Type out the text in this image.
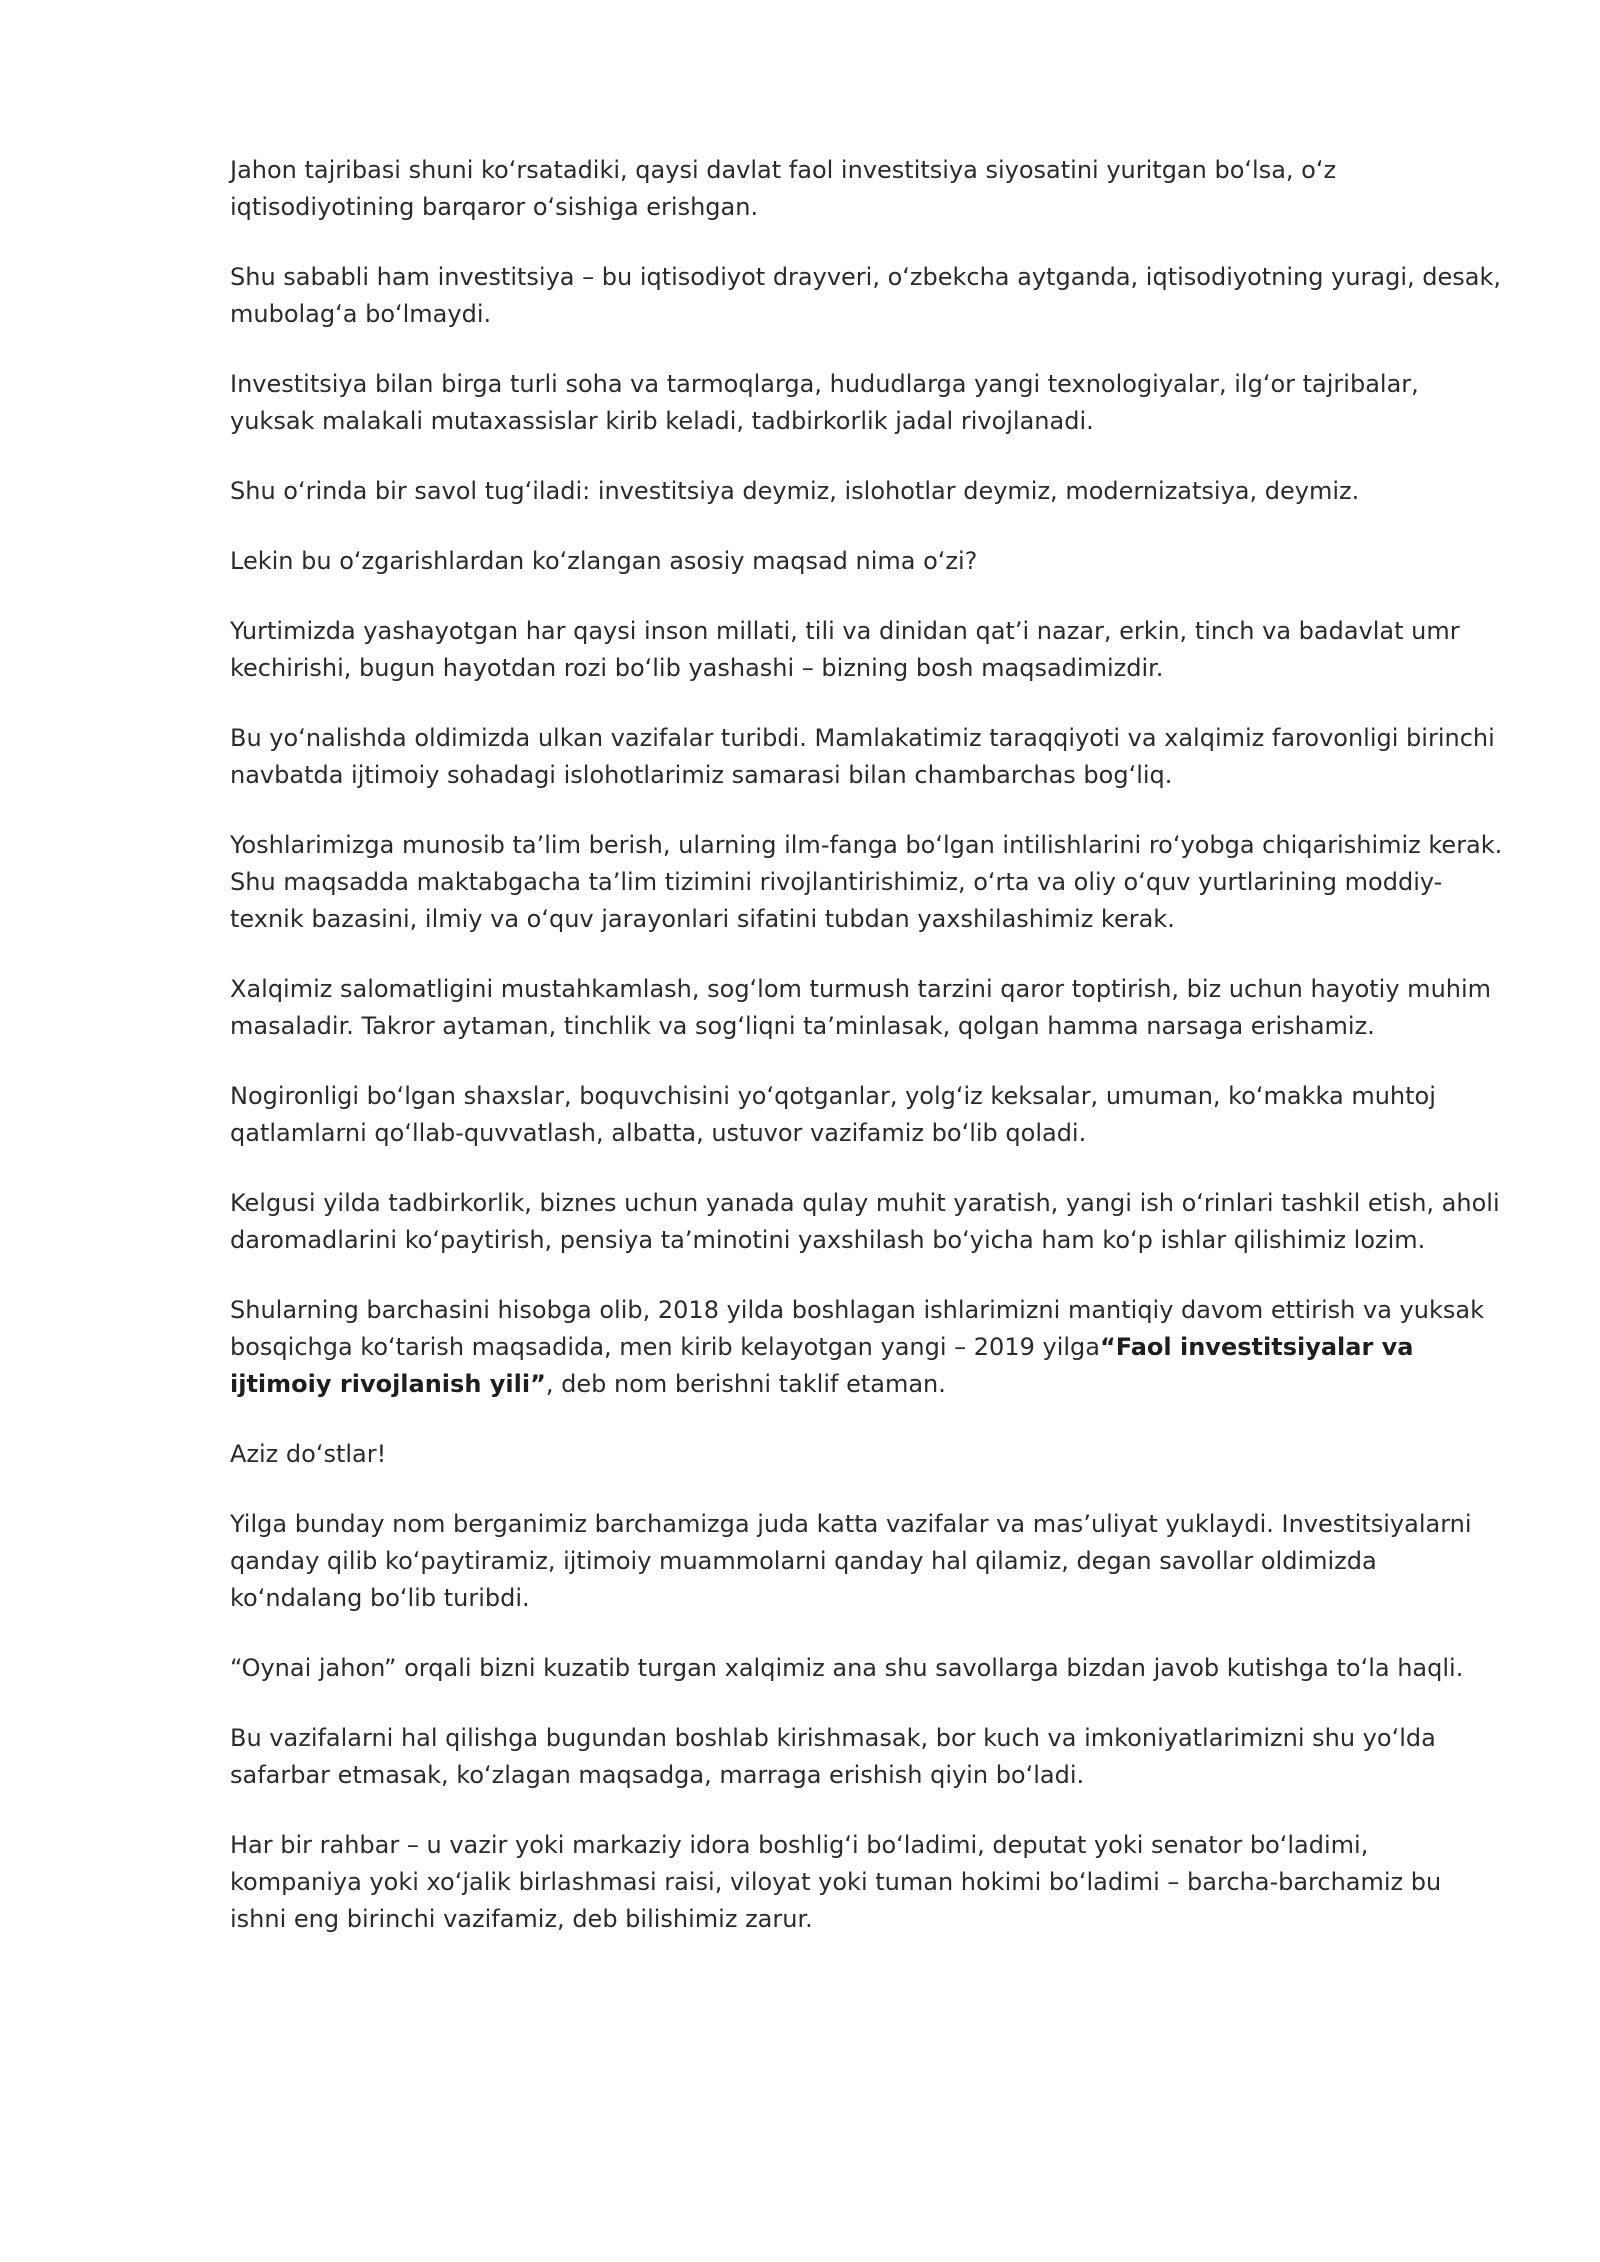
Jahon tajribasi shuni koʻrsatadiki, qaysi davlat faol investitsiya siyosatini yuritgan boʻlsa, oʻz iqtisodiyotining barqaror oʻsishiga erishgan.

Shu sababli ham investitsiya – bu iqtisodiyot drayveri, oʻzbekcha aytganda, iqtisodiyotning yuragi, desak, mubolagʻa boʻlmaydi.

Investitsiya bilan birga turli soha va tarmoqlarga, hududlarga yangi texnologiyalar, ilgʻor tajribalar, yuksak malakali mutaxassislar kirib keladi, tadbirkorlik jadal rivojlanadi.

Shu oʻrinda bir savol tugʻiladi: investitsiya deymiz, islohotlar deymiz, modernizatsiya, deymiz.

Lekin bu oʻzgarishlardan koʻzlangan asosiy maqsad nima oʻzi?

Yurtimizda yashayotgan har qaysi inson millati, tili va dinidan qatʼi nazar, erkin, tinch va badavlat umr kechirishi, bugun hayotdan rozi boʻlib yashashi – bizning bosh maqsadimizdir.

Bu yoʻnalishda oldimizda ulkan vazifalar turibdi. Mamlakatimiz taraqqiyoti va xalqimiz farovonligi birinchi navbatda ijtimoiy sohadagi islohotlarimiz samarasi bilan chambarchas bogʻliq.

Yoshlarimizga munosib taʼlim berish, ularning ilm-fanga boʻlgan intilishlarini roʻyobga chiqarishimiz kerak. Shu maqsadda maktabgacha taʼlim tizimini rivojlantirishimiz, oʻrta va oliy oʻquv yurtlarining moddiy-texnik bazasini, ilmiy va oʻquv jarayonlari sifatini tubdan yaxshilashimiz kerak.

Xalqimiz salomatligini mustahkamlash, sogʻlom turmush tarzini qaror toptirish, biz uchun hayotiy muhim masaladir. Takror aytaman, tinchlik va sogʻliqni taʼminlasak, qolgan hamma narsaga erishamiz.

Nogironligi boʻlgan shaxslar, boquvchisini yoʻqotganlar, yolgʻiz keksalar, umuman, koʻmakka muhtoj qatlamlarni qoʻllab-quvvatlash, albatta, ustuvor vazifamiz boʻlib qoladi.

Kelgusi yilda tadbirkorlik, biznes uchun yanada qulay muhit yaratish, yangi ish oʻrinlari tashkil etish, aholi daromadlarini koʻpaytirish, pensiya taʼminotini yaxshilash boʻyicha ham koʻp ishlar qilishimiz lozim.

Shularning barchasini hisobga olib, 2018 yilda boshlagan ishlarimizni mantiqiy davom ettirish va yuksak bosqichga koʻtarish maqsadida, men kirib kelayotgan yangi – 2019 yilga“Faol investitsiyalar va ijtimoiy rivojlanish yili”, deb nom berishni taklif etaman.

Aziz doʻstlar!

Yilga bunday nom berganimiz barchamizga juda katta vazifalar va masʼuliyat yuklaydi. Investitsiyalarni qanday qilib koʻpaytiramiz, ijtimoiy muammolarni qanday hal qilamiz, degan savollar oldimizda koʻndalang boʻlib turibdi.

“Oynai jahon” orqali bizni kuzatib turgan xalqimiz ana shu savollarga bizdan javob kutishga toʻla haqli.

Bu vazifalarni hal qilishga bugundan boshlab kirishmasak, bor kuch va imkoniyatlarimizni shu yoʻlda safarbar etmasak, koʻzlagan maqsadga, marraga erishish qiyin boʻladi.

Har bir rahbar – u vazir yoki markaziy idora boshligʻi boʻladimi, deputat yoki senator boʻladimi, kompaniya yoki xoʻjalik birlashmasi raisi, viloyat yoki tuman hokimi boʻladimi – barcha-barchamiz bu ishni eng birinchi vazifamiz, deb bilishimiz zarur.
